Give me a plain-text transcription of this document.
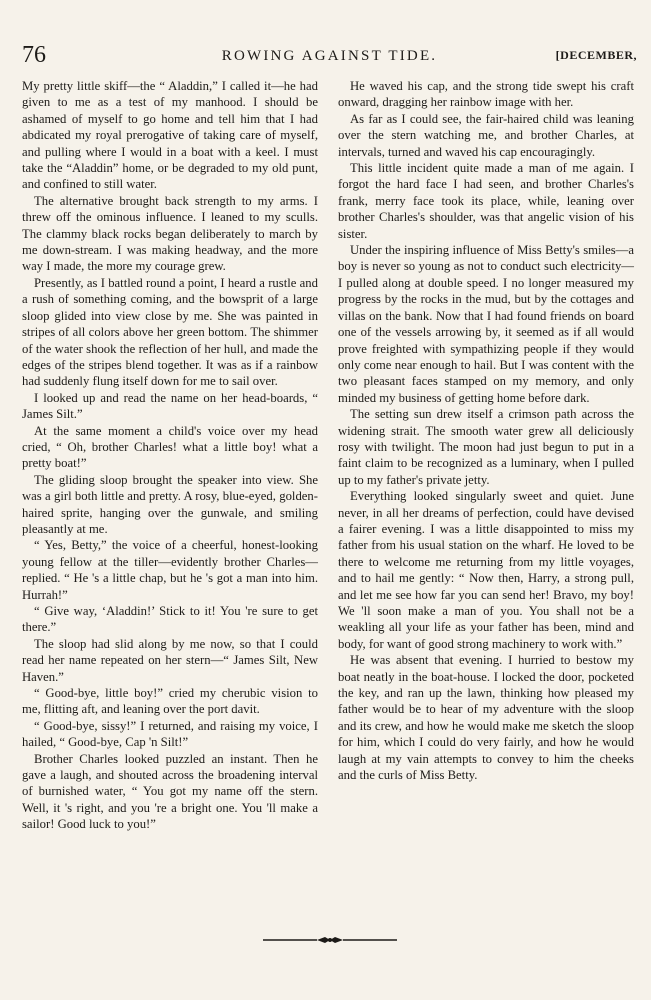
76	ROWING AGAINST TIDE.	[DECEMBER,

My pretty little skiff—the “ Aladdin,” I called it—he had given to me as a test of my manhood. I should be ashamed of myself to go home and tell him that I had abdicated my royal prerogative of taking care of myself, and pulling where I would in a boat with a keel. I must take the “Aladdin” home, or be degraded to my old punt, and confined to still water.

The alternative brought back strength to my arms. I threw off the ominous influence. I leaned to my sculls. The clammy black rocks began deliberately to march by me down-stream. I was making headway, and the more way I made, the more my courage grew.

Presently, as I battled round a point, I heard a rustle and a rush of something coming, and the bowsprit of a large sloop glided into view close by me. She was painted in stripes of all colors above her green bottom. The shimmer of the water shook the reflection of her hull, and made the edges of the stripes blend together. It was as if a rainbow had suddenly flung itself down for me to sail over.

I looked up and read the name on her head-boards, “ James Silt.”

At the same moment a child's voice over my head cried, “ Oh, brother Charles! what a little boy! what a pretty boat!”

The gliding sloop brought the speaker into view. She was a girl both little and pretty. A rosy, blue-eyed, golden-haired sprite, hanging over the gunwale, and smiling pleasantly at me.

“ Yes, Betty,” the voice of a cheerful, honest-looking young fellow at the tiller—evidently brother Charles—replied. “ He 's a little chap, but he 's got a man into him. Hurrah!”

“ Give way, ‘Aladdin!’ Stick to it! You 're sure to get there.”

The sloop had slid along by me now, so that I could read her name repeated on her stern—“ James Silt, New Haven.”

“ Good-bye, little boy!” cried my cherubic vision to me, flitting aft, and leaning over the port davit.

“ Good-bye, sissy!” I returned, and raising my voice, I hailed, “ Good-bye, Cap 'n Silt!”

Brother Charles looked puzzled an instant. Then he gave a laugh, and shouted across the broadening interval of burnished water, “ You got my name off the stern. Well, it 's right, and you 're a bright one. You 'll make a sailor! Good luck to you!”

He waved his cap, and the strong tide swept his craft onward, dragging her rainbow image with her.

As far as I could see, the fair-haired child was leaning over the stern watching me, and brother Charles, at intervals, turned and waved his cap encouragingly.

This little incident quite made a man of me again. I forgot the hard face I had seen, and brother Charles's frank, merry face took its place, while, leaning over brother Charles's shoulder, was that angelic vision of his sister.

Under the inspiring influence of Miss Betty's smiles—a boy is never so young as not to conduct such electricity—I pulled along at double speed. I no longer measured my progress by the rocks in the mud, but by the cottages and villas on the bank. Now that I had found friends on board one of the vessels arrowing by, it seemed as if all would prove freighted with sympathizing people if they would only come near enough to hail. But I was content with the two pleasant faces stamped on my memory, and only minded my business of getting home before dark.

The setting sun drew itself a crimson path across the widening strait. The smooth water grew all deliciously rosy with twilight. The moon had just begun to put in a faint claim to be recognized as a luminary, when I pulled up to my father's private jetty.

Everything looked singularly sweet and quiet. June never, in all her dreams of perfection, could have devised a fairer evening. I was a little disappointed to miss my father from his usual station on the wharf. He loved to be there to welcome me returning from my little voyages, and to hail me gently: “ Now then, Harry, a strong pull, and let me see how far you can send her! Bravo, my boy! We 'll soon make a man of you. You shall not be a weakling all your life as your father has been, mind and body, for want of good strong machinery to work with.”

He was absent that evening. I hurried to bestow my boat neatly in the boat-house. I locked the door, pocketed the key, and ran up the lawn, thinking how pleased my father would be to hear of my adventure with the sloop and its crew, and how he would make me sketch the sloop for him, which I could do very fairly, and how he would laugh at my vain attempts to convey to him the cheeks and the curls of Miss Betty.
